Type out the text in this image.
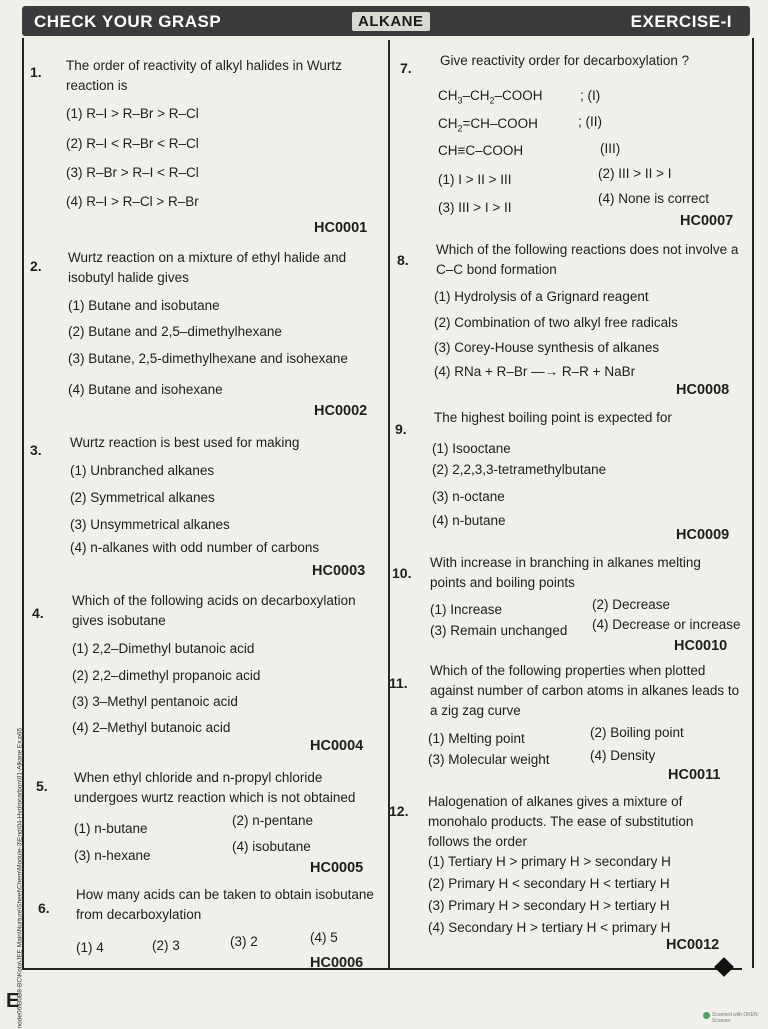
CHECK YOUR GRASP	ALKANE	EXERCISE-I
node06\B0B8-BC\Kota\JEE Main\Nurture\Sheet\Chem\Module-3\Eng\04-Hydrocarbon\01-Alkane Ex.p65
E
Scanned with OKEN Scanner
1. The order of reactivity of alkyl halides in Wurtz reaction is
(1) R–I > R–Br > R–Cl
(2) R–I < R–Br < R–Cl
(3) R–Br > R–I < R–Cl
(4) R–I > R–Cl > R–Br
HC0001
2.
Wurtz reaction on a mixture of ethyl halide and isobutyl halide gives
(1) Butane and isobutane
(2) Butane and 2,5–dimethylhexane
(3) Butane, 2,5-dimethylhexane and isohexane
(4) Butane and isohexane
HC0002
3. Wurtz reaction is best used for making
(1) Unbranched alkanes
(2) Symmetrical alkanes
(3) Unsymmetrical alkanes
(4) n-alkanes with odd number of carbons
HC0003
4.
Which of the following acids on decarboxylation gives isobutane
(1) 2,2–Dimethyl butanoic acid
(2) 2,2–dimethyl propanoic acid
(3) 3–Methyl pentanoic acid
(4) 2–Methyl butanoic acid
HC0004
5.
When ethyl chloride and n-propyl chloride undergoes wurtz reaction which is not obtained
(1) n-butane
(2) n-pentane
(3) n-hexane
(4) isobutane
HC0005
6.
How many acids can be taken to obtain isobutane from decarboxylation
(1) 4	(2) 3	(3) 2	(4) 5
HC0006
7. Give reactivity order for decarboxylation ?
$CH_3-CH_2$–COOH	; (I)
$CH_2=CH$–COOH	; (II)
CH≡C–COOH	(III)
(1) I > II > III	(2) III > II > I
(3) III > I > II
(4) None is correct
HC0007
8.
Which of the following reactions does not involve a C–C bond formation
(1) Hydrolysis of a Grignard reagent
(2) Combination of two alkyl free radicals
(3) Corey-House synthesis of alkanes
(4) RNa + R–Br —→ R–R + NaBr
HC0008
9.
The highest boiling point is expected for
(1) Isooctane
(2) 2,2,3,3-tetramethylbutane
(3) n-octane
(4) n-butane
HC0009
10.
With increase in branching in alkanes melting points and boiling points
(1) Increase	(2) Decrease
(3) Remain unchanged (4) Decrease or increase
HC0010
11.
Which of the following properties when plotted against number of carbon atoms in alkanes leads to a zig zag curve
(1) Melting point	(2) Boiling point
(3) Molecular weight	(4) Density
HC0011
12.
Halogenation of alkanes gives a mixture of monohalo products. The ease of substitution follows the order
(1) Tertiary H > primary H > secondary H
(2) Primary H < secondary H < tertiary H
(3) Primary H > secondary H > tertiary H
(4) Secondary H > tertiary H < primary H
HC0012
